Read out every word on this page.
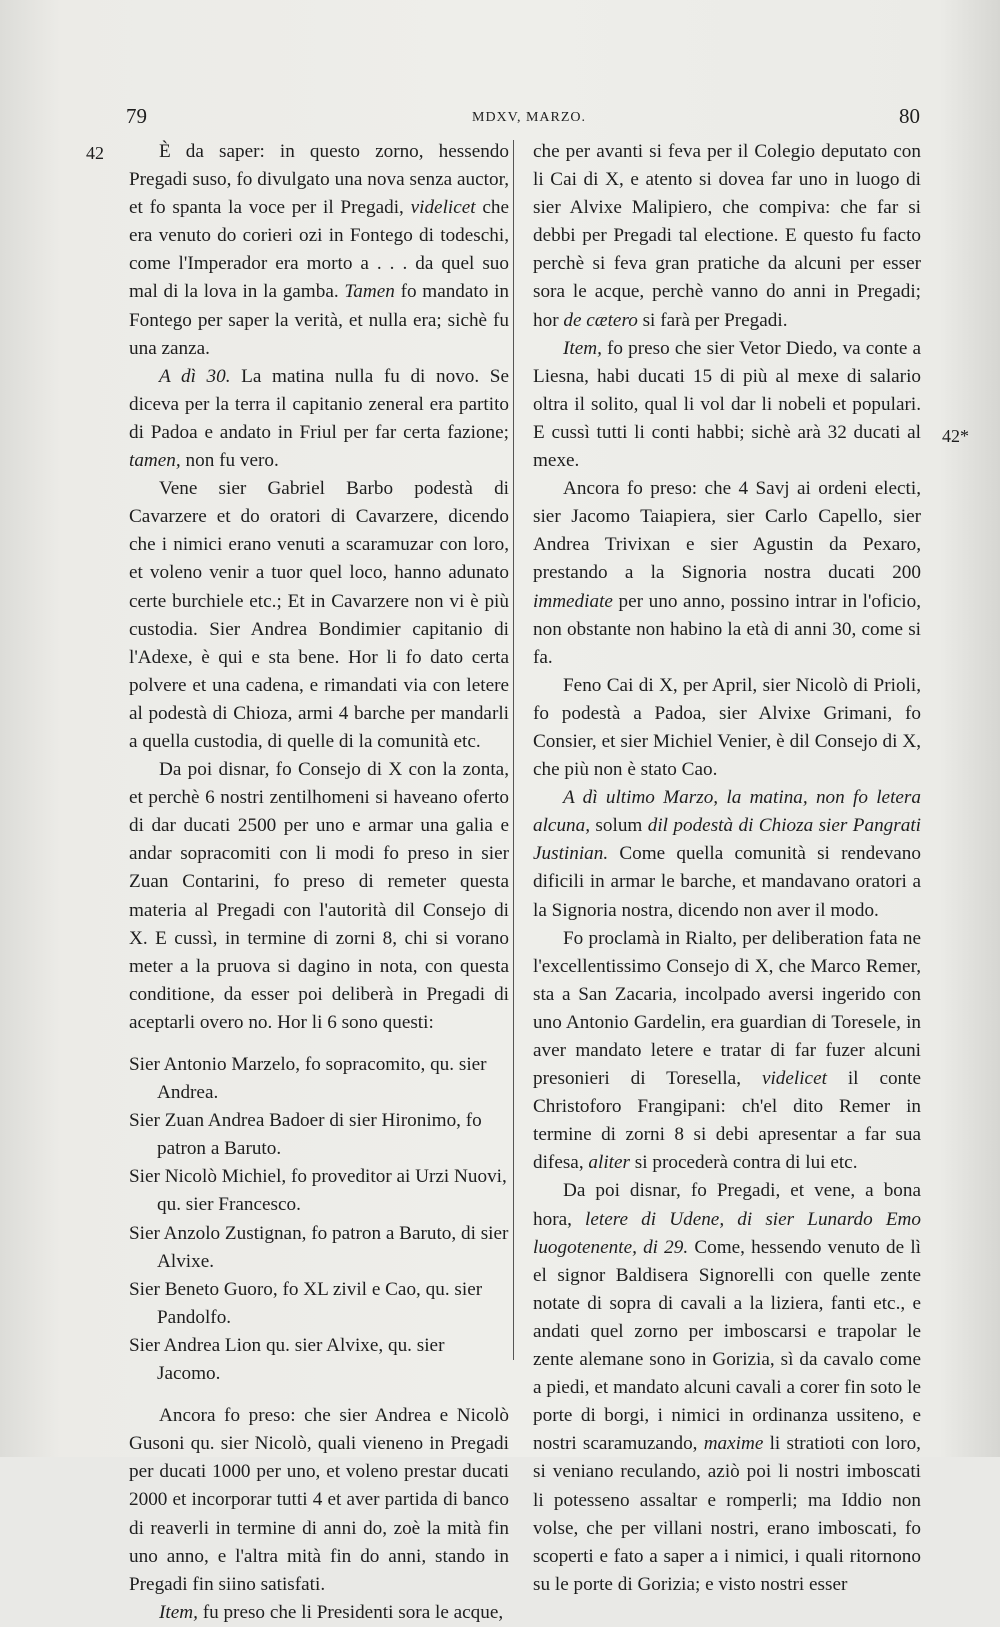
79	MDXV, MARZO.	80
42
42*

È da saper: in questo zorno, hessendo Pregadi suso, fo divulgato una nova senza auctor, et fo spanta la voce per il Pregadi, videlicet che era venuto do corieri ozi in Fontego di todeschi, come l'Imperador era morto a . . . da quel suo mal di la lova in la gamba. Tamen fo mandato in Fontego per saper la verità, et nulla era; sichè fu una zanza.

A dì 30. La matina nulla fu di novo. Se diceva per la terra il capitanio zeneral era partito di Padoa e andato in Friul per far certa fazione; tamen, non fu vero.

Vene sier Gabriel Barbo podestà di Cavarzere et do oratori di Cavarzere, dicendo che i nimici erano venuti a scaramuzar con loro, et voleno venir a tuor quel loco, hanno adunato certe burchiele etc.; Et in Cavarzere non vi è più custodia. Sier Andrea Bondimier capitanio di l'Adexe, è qui e sta bene. Hor li fo dato certa polvere et una cadena, e rimandati via con letere al podestà di Chioza, armi 4 barche per mandarli a quella custodia, di quelle di la comunità etc.

Da poi disnar, fo Consejo di X con la zonta, et perchè 6 nostri zentilhomeni si haveano oferto di dar ducati 2500 per uno e armar una galia e andar sopracomiti con li modi fo preso in sier Zuan Contarini, fo preso di remeter questa materia al Pregadi con l'autorità dil Consejo di X. E cussì, in termine di zorni 8, chi si vorano meter a la pruova si dagino in nota, con questa conditione, da esser poi deliberà in Pregadi di aceptarli overo no. Hor li 6 sono questi:

Sier Antonio Marzelo, fo sopracomito, qu. sier Andrea.

Sier Zuan Andrea Badoer di sier Hironimo, fo patron a Baruto.

Sier Nicolò Michiel, fo proveditor ai Urzi Nuovi, qu. sier Francesco.

Sier Anzolo Zustignan, fo patron a Baruto, di sier Alvixe.

Sier Beneto Guoro, fo XL zivil e Cao, qu. sier Pandolfo.

Sier Andrea Lion qu. sier Alvixe, qu. sier Jacomo.

Ancora fo preso: che sier Andrea e Nicolò Gusoni qu. sier Nicolò, quali vieneno in Pregadi per ducati 1000 per uno, et voleno prestar ducati 2000 et incorporar tutti 4 et aver partida di banco di reaverli in termine di anni do, zoè la mità fin uno anno, e l'altra mità fin do anni, stando in Pregadi fin siino satisfati.

Item, fu preso che li Presidenti sora le acque,

che per avanti si feva per il Colegio deputato con li Cai di X, e atento si dovea far uno in luogo di sier Alvixe Malipiero, che compiva: che far si debbi per Pregadi tal electione. E questo fu facto perchè si feva gran pratiche da alcuni per esser sora le acque, perchè vanno do anni in Pregadi; hor de cætero si farà per Pregadi.

Item, fo preso che sier Vetor Diedo, va conte a Liesna, habi ducati 15 di più al mexe di salario oltra il solito, qual li vol dar li nobeli et populari. E cussì tutti li conti habbi; sichè arà 32 ducati al mexe.

Ancora fo preso: che 4 Savj ai ordeni electi, sier Jacomo Taiapiera, sier Carlo Capello, sier Andrea Trivixan e sier Agustin da Pexaro, prestando a la Signoria nostra ducati 200 immediate per uno anno, possino intrar in l'oficio, non obstante non habino la età di anni 30, come si fa.

Feno Cai di X, per April, sier Nicolò di Prioli, fo podestà a Padoa, sier Alvixe Grimani, fo Consier, et sier Michiel Venier, è dil Consejo di X, che più non è stato Cao.

A dì ultimo Marzo, la matina, non fo letera alcuna, solum dil podestà di Chioza sier Pangrati Justinian. Come quella comunità si rendevano dificili in armar le barche, et mandavano oratori a la Signoria nostra, dicendo non aver il modo.

Fo proclamà in Rialto, per deliberation fata ne l'excellentissimo Consejo di X, che Marco Remer, sta a San Zacaria, incolpado aversi ingerido con uno Antonio Gardelin, era guardian di Toresele, in aver mandato letere e tratar di far fuzer alcuni presonieri di Toresella, videlicet il conte Christoforo Frangipani: ch'el dito Remer in termine di zorni 8 si debi apresentar a far sua difesa, aliter si procederà contra di lui etc.

Da poi disnar, fo Pregadi, et vene, a bona hora, letere di Udene, di sier Lunardo Emo luogotenente, di 29. Come, hessendo venuto de lì el signor Baldisera Signorelli con quelle zente notate di sopra di cavali a la liziera, fanti etc., e andati quel zorno per imboscarsi e trapolar le zente alemane sono in Gorizia, sì da cavalo come a piedi, et mandato alcuni cavali a corer fin soto le porte di borgi, i nimici in ordinanza ussiteno, e nostri scaramuzando, maxime li stratioti con loro, si veniano reculando, aziò poi li nostri imboscati li potesseno assaltar e romperli; ma Iddio non volse, che per villani nostri, erano imboscati, fo scoperti e fato a saper a i nimici, i quali ritornono su le porte di Gorizia; e visto nostri esser
